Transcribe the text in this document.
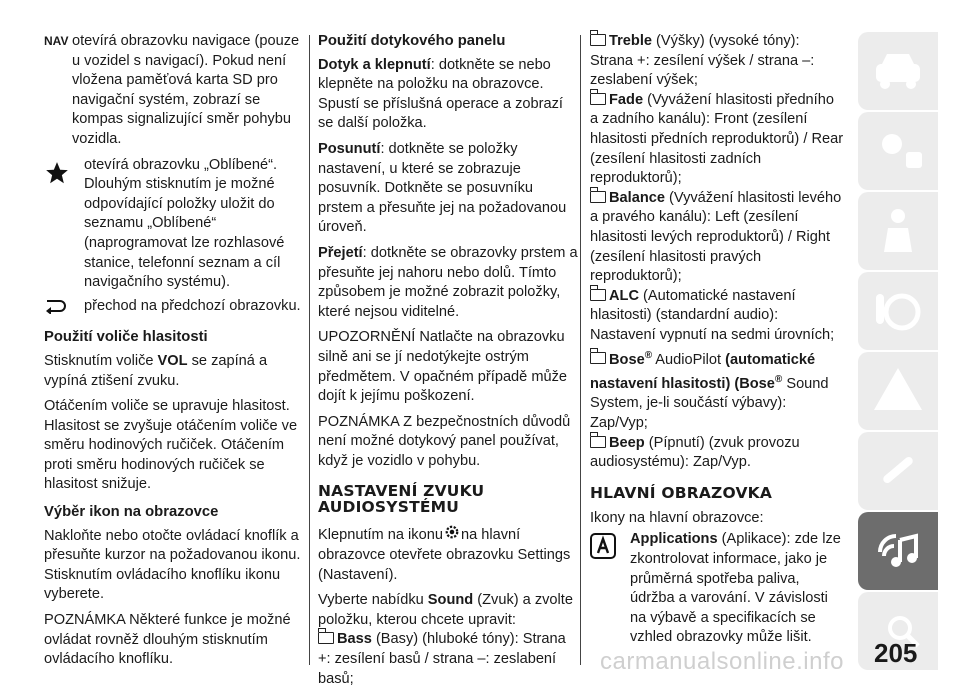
NAV otevírá obrazovku navigace (pouze u vozidel s navigací). Pokud není vložena paměťová karta SD pro navigační systém, zobrazí se kompas signalizující směr pohybu vozidla.
otevírá obrazovku „Oblíbené“. Dlouhým stisknutím je možné odpovídající položky uložit do seznamu „Oblíbené“ (naprogramovat lze rozhlasové stanice, telefonní seznam a cíl navigačního systému).
přechod na předchozí obrazovku.
Použití voliče hlasitosti

Stisknutím voliče VOL se zapíná a vypíná ztišení zvuku.

Otáčením voliče se upravuje hlasitost. Hlasitost se zvyšuje otáčením voliče ve směru hodinových ručiček. Otáčením proti směru hodinových ručiček se hlasitost snižuje.

Výběr ikon na obrazovce

Nakloňte nebo otočte ovládací knoflík a přesuňte kurzor na požadovanou ikonu. Stisknutím ovládacího knoflíku ikonu vyberete.

POZNÁMKA Některé funkce je možné ovládat rovněž dlouhým stisknutím ovládacího knoflíku.

Použití dotykového panelu

Dotyk a klepnutí: dotkněte se nebo klepněte na položku na obrazovce. Spustí se příslušná operace a zobrazí se další položka.

Posunutí: dotkněte se položky nastavení, u které se zobrazuje posuvník. Dotkněte se posuvníku prstem a přesuňte jej na požadovanou úroveň.

Přejetí: dotkněte se obrazovky prstem a přesuňte jej nahoru nebo dolů. Tímto způsobem je možné zobrazit položky, které nejsou viditelné.

UPOZORNĚNÍ Natlačte na obrazovku silně ani se jí nedotýkejte ostrým předmětem. V opačném případě může dojít k jejímu poškození.

POZNÁMKA Z bezpečnostních důvodů není možné dotykový panel používat, když je vozidlo v pohybu.

NASTAVENÍ ZVUKU AUDIOSYSTÉMU

Klepnutím na ikonu na hlavní obrazovce otevřete obrazovku Settings (Nastavení).

Vyberte nabídku Sound (Zvuk) a zvolte položku, kterou chcete upravit:
Bass (Basy) (hluboké tóny): Strana +: zesílení basů / strana –: zeslabení basů;

Treble (Výšky) (vysoké tóny): Strana +: zesílení výšek / strana –: zeslabení výšek;

Fade (Vyvážení hlasitosti předního a zadního kanálu): Front (zesílení hlasitosti předních reproduktorů) / Rear (zesílení hlasitosti zadních reproduktorů);

Balance (Vyvážení hlasitosti levého a pravého kanálu): Left (zesílení hlasitosti levých reproduktorů) / Right (zesílení hlasitosti pravých reproduktorů);

ALC (Automatické nastavení hlasitosti) (standardní audio): Nastavení vypnutí na sedmi úrovních;

Bose® AudioPilot (automatické nastavení hlasitosti) (Bose® Sound System, je-li součástí výbavy): Zap/Vyp;

Beep (Pípnutí) (zvuk provozu audiosystému): Zap/Vyp.

HLAVNÍ OBRAZOVKA

Ikony na hlavní obrazovce:

Applications (Aplikace): zde lze zkontrolovat informace, jako je průměrná spotřeba paliva, údržba a varování. V závislosti na výbavě a specifikacích se vzhled obrazovky může lišit.
205
carmanualsonline.info
